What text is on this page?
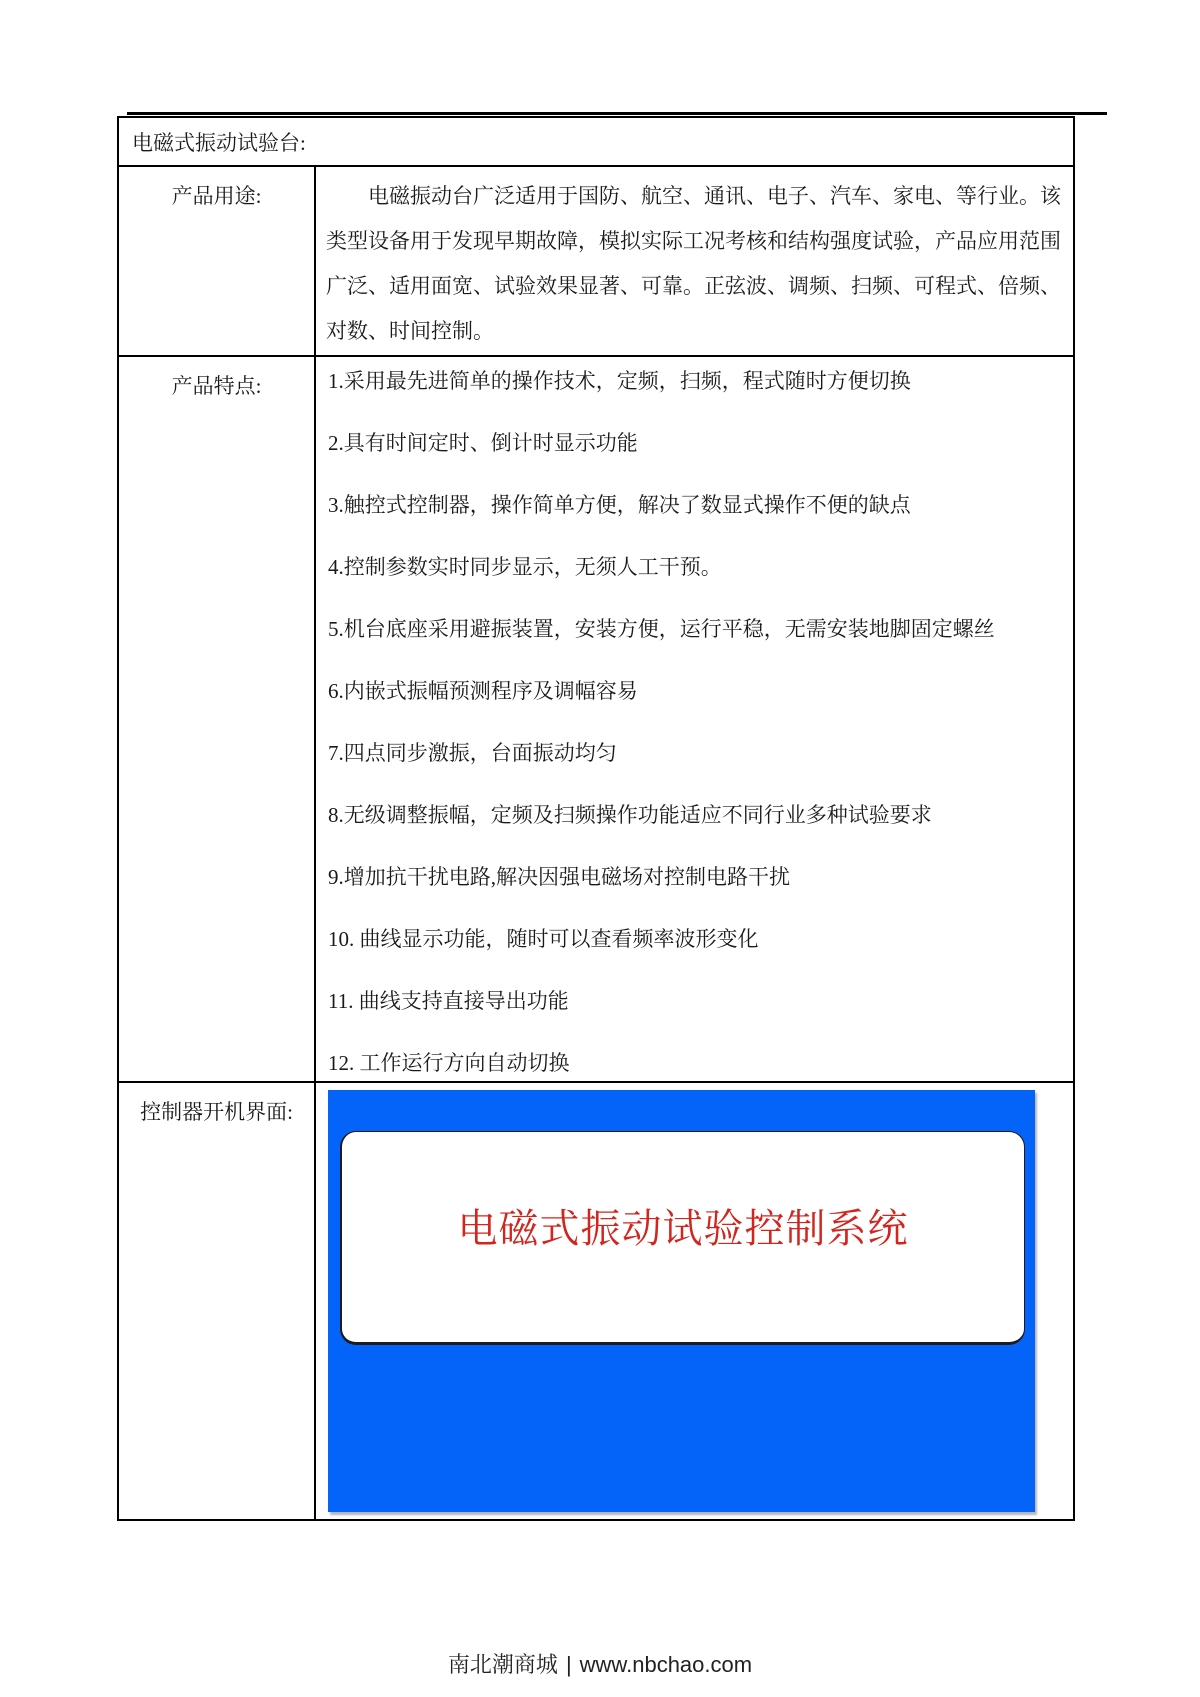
电磁式振动试验台:
产品用途:	电磁振动台广泛适用于国防、航空、通讯、电子、汽车、家电、等行业。该类型设备用于发现早期故障，模拟实际工况考核和结构强度试验，产品应用范围广泛、适用面宽、试验效果显著、可靠。正弦波、调频、扫频、可程式、倍频、对数、时间控制。
产品特点:	1.采用最先进简单的操作技术，定频，扫频，程式随时方便切换
2.具有时间定时、倒计时显示功能
3.触控式控制器，操作简单方便，解决了数显式操作不便的缺点
4.控制参数实时同步显示，无须人工干预。
5.机台底座采用避振装置，安装方便，运行平稳，无需安装地脚固定螺丝
6.内嵌式振幅预测程序及调幅容易
7.四点同步激振，台面振动均匀
8.无级调整振幅，定频及扫频操作功能适应不同行业多种试验要求
9.增加抗干扰电路,解决因强电磁场对控制电路干扰
10. 曲线显示功能，随时可以查看频率波形变化
11. 曲线支持直接导出功能
12. 工作运行方向自动切换
控制器开机界面:
电磁式振动试验控制系统
南北潮商城 | www.nbchao.com
